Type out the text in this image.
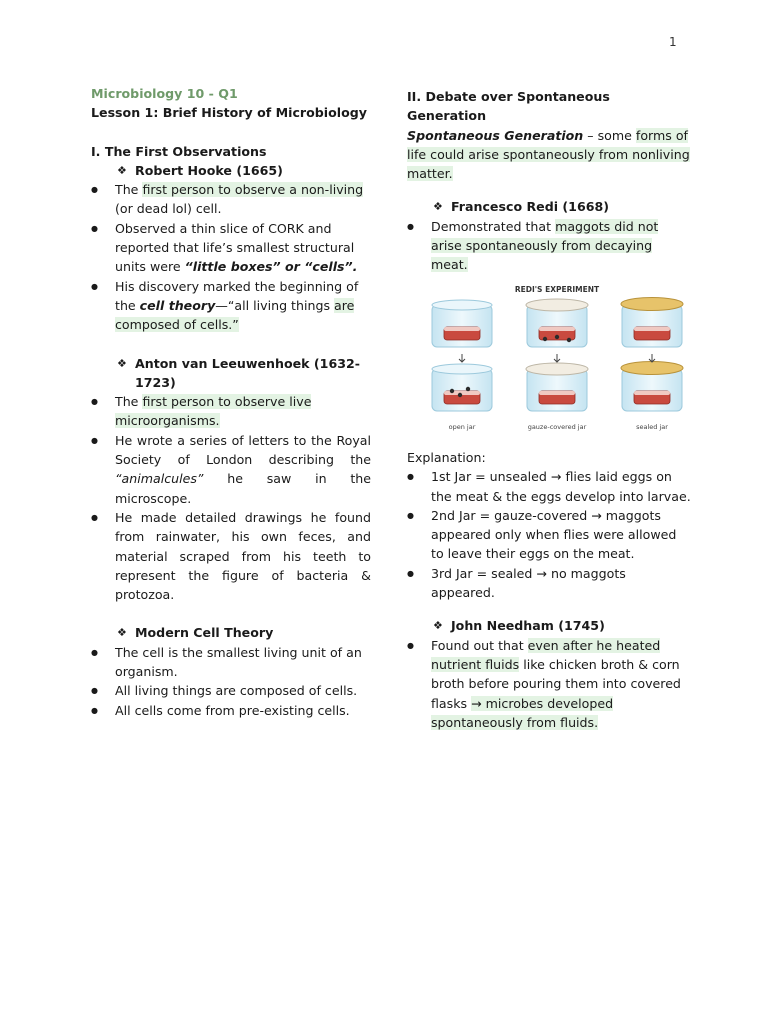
1

Microbiology 10 - Q1

Lesson 1: Brief History of Microbiology

I. The First Observations

❖ Robert Hooke (1665)
● The first person to observe a non-living (or dead lol) cell.
● Observed a thin slice of CORK and reported that life’s smallest structural units were “little boxes” or “cells”.
● His discovery marked the beginning of the cell theory—“all living things are composed of cells.”
❖ Anton van Leeuwenhoek (1632-1723)
● The first person to observe live microorganisms.
● He wrote a series of letters to the Royal Society of London describing the “animalcules” he saw in the microscope.
● He made detailed drawings he found from rainwater, his own feces, and material scraped from his teeth to represent the figure of bacteria & protozoa.
❖ Modern Cell Theory
● The cell is the smallest living unit of an organism.
● All living things are composed of cells.
● All cells come from pre-existing cells.

II. Debate over Spontaneous Generation

Spontaneous Generation – some forms of life could arise spontaneously from nonliving matter.

❖ Francesco Redi (1668)
● Demonstrated that maggots did not arise spontaneously from decaying meat.
REDI'S EXPERIMENT
open jar	gauze-covered jar	sealed jar

Explanation:

● 1st Jar = unsealed → flies laid eggs on the meat & the eggs develop into larvae.
● 2nd Jar = gauze-covered → maggots appeared only when flies were allowed to leave their eggs on the meat.
● 3rd Jar = sealed → no maggots appeared.
❖ John Needham (1745)
● Found out that even after he heated nutrient fluids like chicken broth & corn broth before pouring them into covered flasks → microbes developed spontaneously from fluids.
